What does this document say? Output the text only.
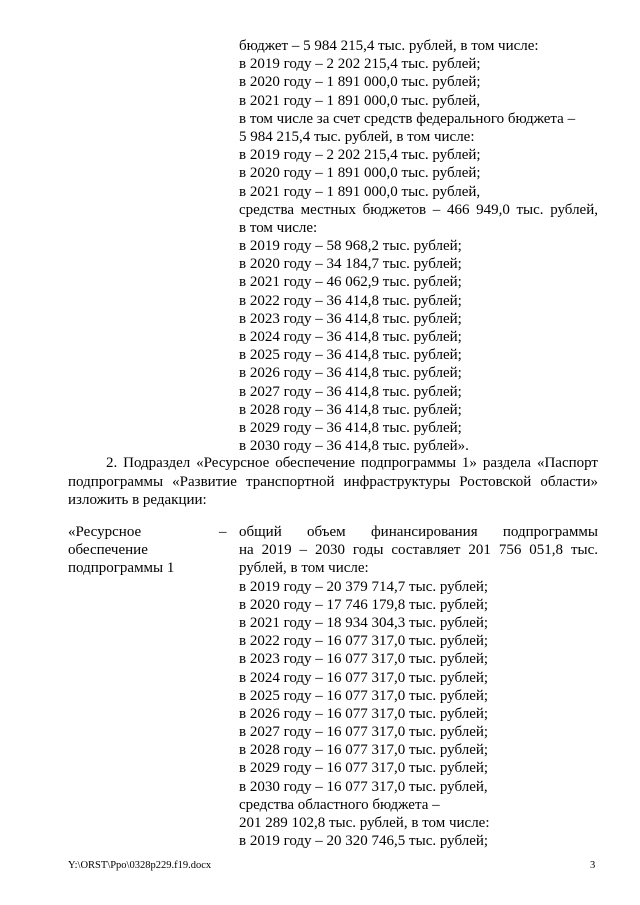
бюджет – 5 984 215,4 тыс. рублей, в том числе:
в 2019 году – 2 202 215,4 тыс. рублей;
в 2020 году – 1 891 000,0 тыс. рублей;
в 2021 году – 1 891 000,0 тыс. рублей,
в том числе за счет средств федерального бюджета –
5 984 215,4 тыс. рублей, в том числе:
в 2019 году – 2 202 215,4 тыс. рублей;
в 2020 году – 1 891 000,0 тыс. рублей;
в 2021 году – 1 891 000,0 тыс. рублей,
средства местных бюджетов – 466 949,0 тыс. рублей,
в том числе:
в 2019 году – 58 968,2 тыс. рублей;
в 2020 году – 34 184,7 тыс. рублей;
в 2021 году – 46 062,9 тыс. рублей;
в 2022 году – 36 414,8 тыс. рублей;
в 2023 году – 36 414,8 тыс. рублей;
в 2024 году – 36 414,8 тыс. рублей;
в 2025 году – 36 414,8 тыс. рублей;
в 2026 году – 36 414,8 тыс. рублей;
в 2027 году – 36 414,8 тыс. рублей;
в 2028 году – 36 414,8 тыс. рублей;
в 2029 году – 36 414,8 тыс. рублей;
в 2030 году – 36 414,8 тыс. рублей».
2. Подраздел «Ресурсное обеспечение подпрограммы 1» раздела «Паспорт
подпрограммы «Развитие транспортной инфраструктуры Ростовской области»
изложить в редакции:
«Ресурсное
обеспечение
подпрограммы 1
– общий объем финансирования подпрограммы
на 2019 – 2030 годы составляет 201 756 051,8 тыс.
рублей, в том числе:
в 2019 году – 20 379 714,7 тыс. рублей;
в 2020 году – 17 746 179,8 тыс. рублей;
в 2021 году – 18 934 304,3 тыс. рублей;
в 2022 году – 16 077 317,0 тыс. рублей;
в 2023 году – 16 077 317,0 тыс. рублей;
в 2024 году – 16 077 317,0 тыс. рублей;
в 2025 году – 16 077 317,0 тыс. рублей;
в 2026 году – 16 077 317,0 тыс. рублей;
в 2027 году – 16 077 317,0 тыс. рублей;
в 2028 году – 16 077 317,0 тыс. рублей;
в 2029 году – 16 077 317,0 тыс. рублей;
в 2030 году – 16 077 317,0 тыс. рублей,
средства областного бюджета –
201 289 102,8 тыс. рублей, в том числе:
в 2019 году – 20 320 746,5 тыс. рублей;
Y:\ORST\Ppo\0328p229.f19.docx	3
